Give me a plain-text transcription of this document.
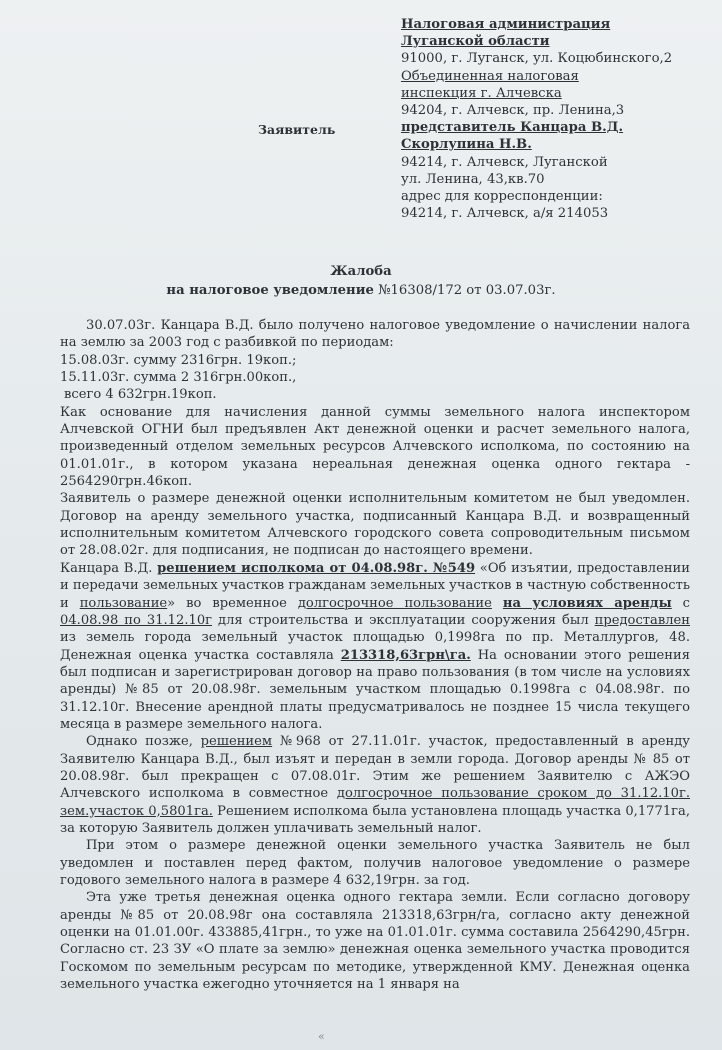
Налоговая администрация
Луганской области
91000, г. Луганск, ул. Коцюбинского,2
Объединенная налоговая
инспекция г. Алчевска
94204, г. Алчевск, пр. Ленина,3
представитель Канцара В.Д.
Скорлупина Н.В.
94214, г. Алчевск, Луганской
ул. Ленина, 43,кв.70
адрес для корреспонденции:
94214, г. Алчевск, а/я 214053
Заявитель
Жалоба
на налоговое уведомление №16308/172 от 03.07.03г.

30.07.03г. Канцара В.Д. было получено налоговое уведомление о начислении налога на землю за 2003 год с разбивкой по периодам:

15.08.03г. сумму 2316грн. 19коп.;

15.11.03г. сумма 2 316грн.00коп.,

всего 4 632грн.19коп.

Как основание для начисления данной суммы земельного налога инспектором Алчевской ОГНИ был предъявлен Акт денежной оценки и расчет земельного налога, произведенный отделом земельных ресурсов Алчевского исполкома, по состоянию на 01.01.01г., в котором указана нереальная денежная оценка одного гектара - 2564290грн.46коп.

Заявитель о размере денежной оценки исполнительным комитетом не был уведомлен. Договор на аренду земельного участка, подписанный Канцара В.Д. и возвращенный исполнительным комитетом Алчевского городского совета сопроводительным письмом от 28.08.02г. для подписания, не подписан до настоящего времени.

Канцара В.Д. решением исполкома от 04.08.98г. №549 «Об изъятии, предоставлении и передачи земельных участков гражданам земельных участков в частную собственность и пользование» во временное долгосрочное пользование на условиях аренды с 04.08.98 по 31.12.10г для строительства и эксплуатации сооружения был предоставлен из земель города земельный участок площадью 0,1998га по пр. Металлургов, 48. Денежная оценка участка составляла 213318,63грн\га. На основании этого решения был подписан и зарегистрирован договор на право пользования (в том числе на условиях аренды) №85 от 20.08.98г. земельным участком площадью 0.1998га с 04.08.98г. по 31.12.10г. Внесение арендной платы предусматривалось не позднее 15 числа текущего месяца в размере земельного налога.

Однако позже, решением №968 от 27.11.01г. участок, предоставленный в аренду Заявителю Канцара В.Д., был изъят и передан в земли города. Договор аренды № 85 от 20.08.98г. был прекращен с 07.08.01г. Этим же решением Заявителю с АЖЭО Алчевского исполкома в совместное долгосрочное пользование сроком до 31.12.10г. зем.участок 0,5801га. Решением исполкома была установлена площадь участка 0,1771га, за которую Заявитель должен уплачивать земельный налог.

При этом о размере денежной оценки земельного участка Заявитель не был уведомлен и поставлен перед фактом, получив налоговое уведомление о размере годового земельного налога в размере 4 632,19грн. за год.

Эта уже третья денежная оценка одного гектара земли. Если согласно договору аренды №85 от 20.08.98г она составляла 213318,63грн/га, согласно акту денежной оценки на 01.01.00г. 433885,41грн., то уже на 01.01.01г. сумма составила 2564290,45грн. Согласно ст. 23 ЗУ «О плате за землю» денежная оценка земельного участка проводится Госкомом по земельным ресурсам по методике, утвержденной КМУ. Денежная оценка земельного участка ежегодно уточняется на 1 января на

«
